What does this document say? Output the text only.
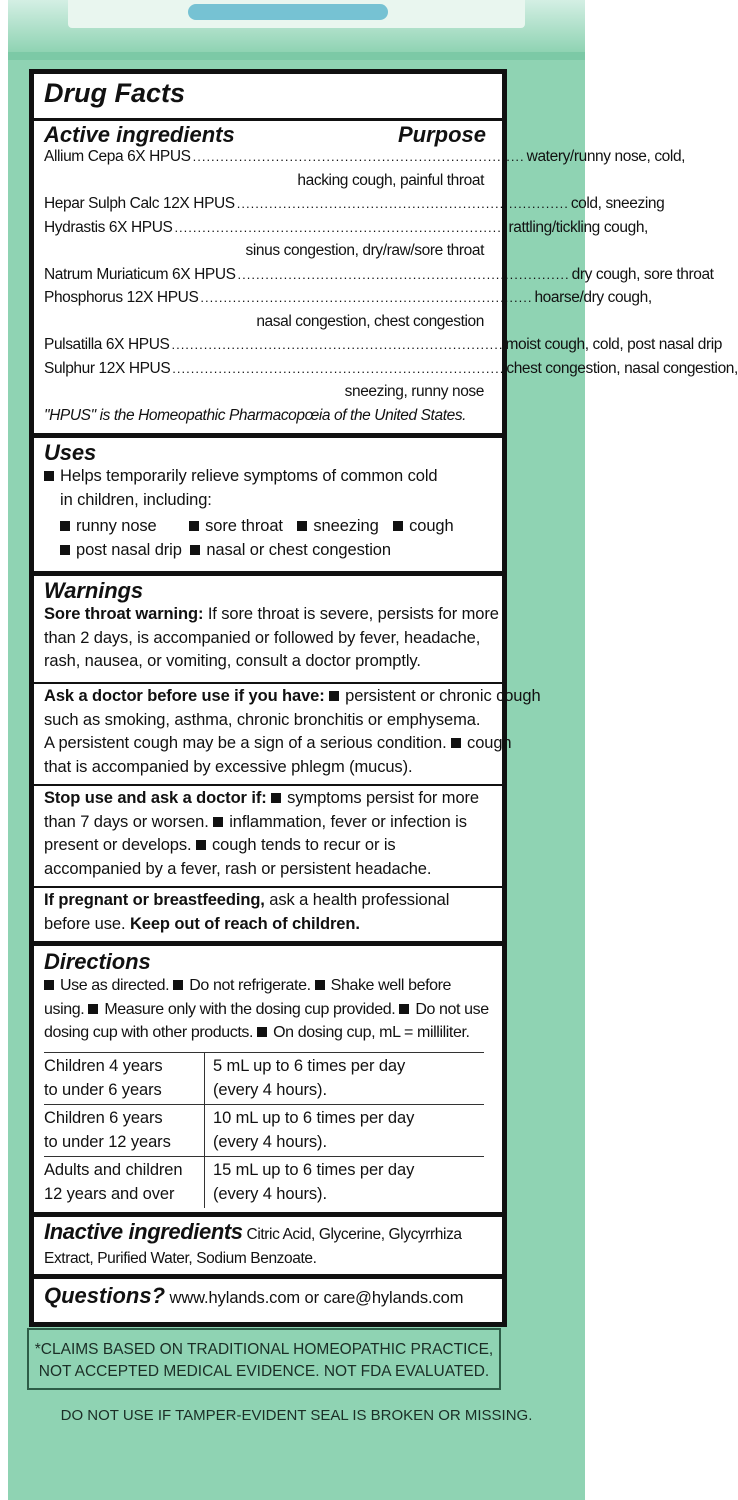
Drug Facts
Active ingredients	Purpose
Allium Cepa 6X HPUS ........................................................................ watery/runny nose, cold,
hacking cough, painful throat
Hepar Sulph Calc 12X HPUS ........................................................................ cold, sneezing
Hydrastis 6X HPUS ........................................................................ rattling/tickling cough,
sinus congestion, dry/raw/sore throat
Natrum Muriaticum 6X HPUS ........................................................................ dry cough, sore throat
Phosphorus 12X HPUS ........................................................................ hoarse/dry cough,
nasal congestion, chest congestion
Pulsatilla 6X HPUS ........................................................................ moist cough, cold, post nasal drip
Sulphur 12X HPUS ........................................................................ chest congestion, nasal congestion,
sneezing, runny nose
"HPUS" is the Homeopathic Pharmacopœia of the United States.
Uses
Helps temporarily relieve symptoms of common cold
in children, including:
runny nose	sore throat sneezing cough
post nasal drip nasal or chest congestion
Warnings
Sore throat warning: If sore throat is severe, persists for more
than 2 days, is accompanied or followed by fever, headache,
rash, nausea, or vomiting, consult a doctor promptly.
Ask a doctor before use if you have: persistent or chronic cough
such as smoking, asthma, chronic bronchitis or emphysema.
A persistent cough may be a sign of a serious condition. cough
that is accompanied by excessive phlegm (mucus).
Stop use and ask a doctor if: symptoms persist for more
than 7 days or worsen. inflammation, fever or infection is
present or develops. cough tends to recur or is
accompanied by a fever, rash or persistent headache.
If pregnant or breastfeeding, ask a health professional
before use. Keep out of reach of children.
Directions
Use as directed. Do not refrigerate. Shake well before
using. Measure only with the dosing cup provided. Do not use
dosing cup with other products. On dosing cup, mL = milliliter.
Children 4 years
to under 6 years
5 mL up to 6 times per day
(every 4 hours).
Children 6 years
to under 12 years
10 mL up to 6 times per day
(every 4 hours).
Adults and children
12 years and over
15 mL up to 6 times per day
(every 4 hours).
Inactive ingredients Citric Acid, Glycerine, Glycyrrhiza
Extract, Purified Water, Sodium Benzoate.
Questions? www.hylands.com or care@hylands.com
*CLAIMS BASED ON TRADITIONAL HOMEOPATHIC PRACTICE,
NOT ACCEPTED MEDICAL EVIDENCE. NOT FDA EVALUATED.
DO NOT USE IF TAMPER-EVIDENT SEAL IS BROKEN OR MISSING.
